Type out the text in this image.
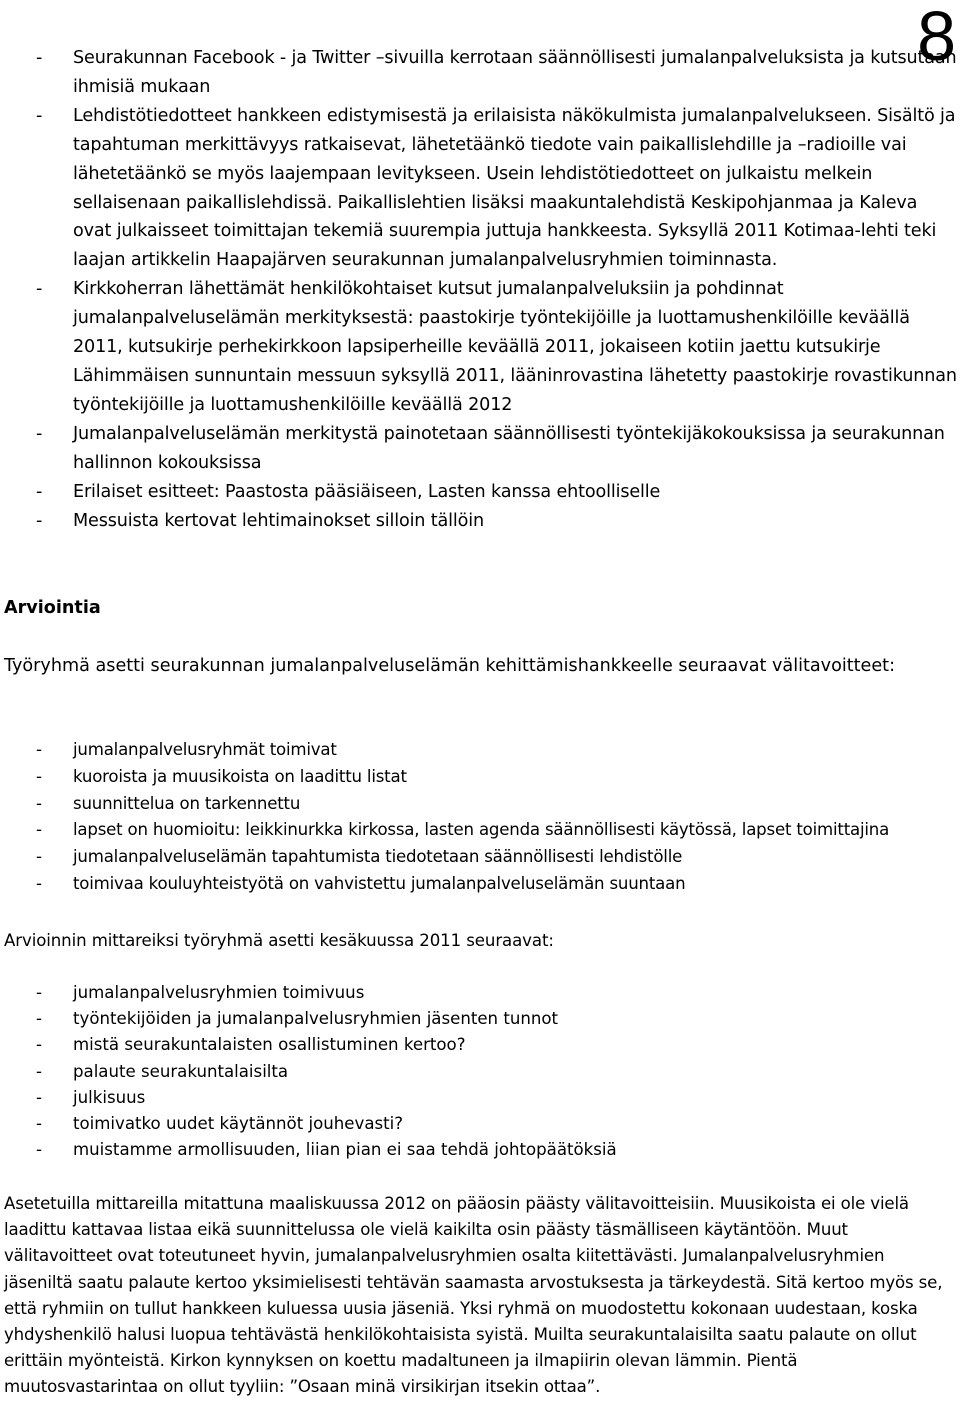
8
- Seurakunnan Facebook - ja Twitter –sivuilla kerrotaan säännöllisesti jumalanpalveluksista ja kutsutaan ihmisiä mukaan
- Lehdistötiedotteet hankkeen edistymisestä ja erilaisista näkökulmista jumalanpalvelukseen. Sisältö ja tapahtuman merkittävyys ratkaisevat, lähetetäänkö tiedote vain paikallislehdille ja –radioille vai lähetetäänkö se myös laajempaan levitykseen. Usein lehdistötiedotteet on julkaistu melkein sellaisenaan paikallislehdissä. Paikallislehtien lisäksi maakuntalehdistä Keskipohjanmaa ja Kaleva ovat julkaisseet toimittajan tekemiä suurempia juttuja hankkeesta. Syksyllä 2011 Kotimaa-lehti teki laajan artikkelin Haapajärven seurakunnan jumalanpalvelusryhmien toiminnasta.
- Kirkkoherran lähettämät henkilökohtaiset kutsut jumalanpalveluksiin ja pohdinnat jumalanpalveluselämän merkityksestä: paastokirje työntekijöille ja luottamushenkilöille keväällä 2011, kutsukirje perhekirkkoon lapsiperheille keväällä 2011, jokaiseen kotiin jaettu kutsukirje Lähimmäisen sunnuntain messuun syksyllä 2011, lääninrovastina lähetetty paastokirje rovastikunnan työntekijöille ja luottamushenkilöille keväällä 2012
- Jumalanpalveluselämän merkitystä painotetaan säännöllisesti työntekijäkokouksissa ja seurakunnan hallinnon kokouksissa
- Erilaiset esitteet: Paastosta pääsiäiseen, Lasten kanssa ehtoolliselle
- Messuista kertovat lehtimainokset silloin tällöin
Arviointia

Työryhmä asetti seurakunnan jumalanpalveluselämän kehittämishankkeelle seuraavat välitavoitteet:

- jumalanpalvelusryhmät toimivat
- kuoroista ja muusikoista on laadittu listat
- suunnittelua on tarkennettu
- lapset on huomioitu: leikkinurkka kirkossa, lasten agenda säännöllisesti käytössä, lapset toimittajina
- jumalanpalveluselämän tapahtumista tiedotetaan säännöllisesti lehdistölle
- toimivaa kouluyhteistyötä on vahvistettu jumalanpalveluselämän suuntaan

Arvioinnin mittareiksi työryhmä asetti kesäkuussa 2011 seuraavat:

- jumalanpalvelusryhmien toimivuus
- työntekijöiden ja jumalanpalvelusryhmien jäsenten tunnot
- mistä seurakuntalaisten osallistuminen kertoo?
- palaute seurakuntalaisilta
- julkisuus
- toimivatko uudet käytännöt jouhevasti?
- muistamme armollisuuden, liian pian ei saa tehdä johtopäätöksiä

Asetetuilla mittareilla mitattuna maaliskuussa 2012 on pääosin päästy välitavoitteisiin. Muusikoista ei ole vielä laadittu kattavaa listaa eikä suunnittelussa ole vielä kaikilta osin päästy täsmälliseen käytäntöön. Muut välitavoitteet ovat toteutuneet hyvin, jumalanpalvelusryhmien osalta kiitettävästi. Jumalanpalvelusryhmien jäseniltä saatu palaute kertoo yksimielisesti tehtävän saamasta arvostuksesta ja tärkeydestä. Sitä kertoo myös se, että ryhmiin on tullut hankkeen kuluessa uusia jäseniä. Yksi ryhmä on muodostettu kokonaan uudestaan, koska yhdyshenkilö halusi luopua tehtävästä henkilökohtaisista syistä. Muilta seurakuntalaisilta saatu palaute on ollut erittäin myönteistä. Kirkon kynnyksen on koettu madaltuneen ja ilmapiirin olevan lämmin. Pientä muutosvastarintaa on ollut tyyliin: ”Osaan minä virsikirjan itsekin ottaa”.
